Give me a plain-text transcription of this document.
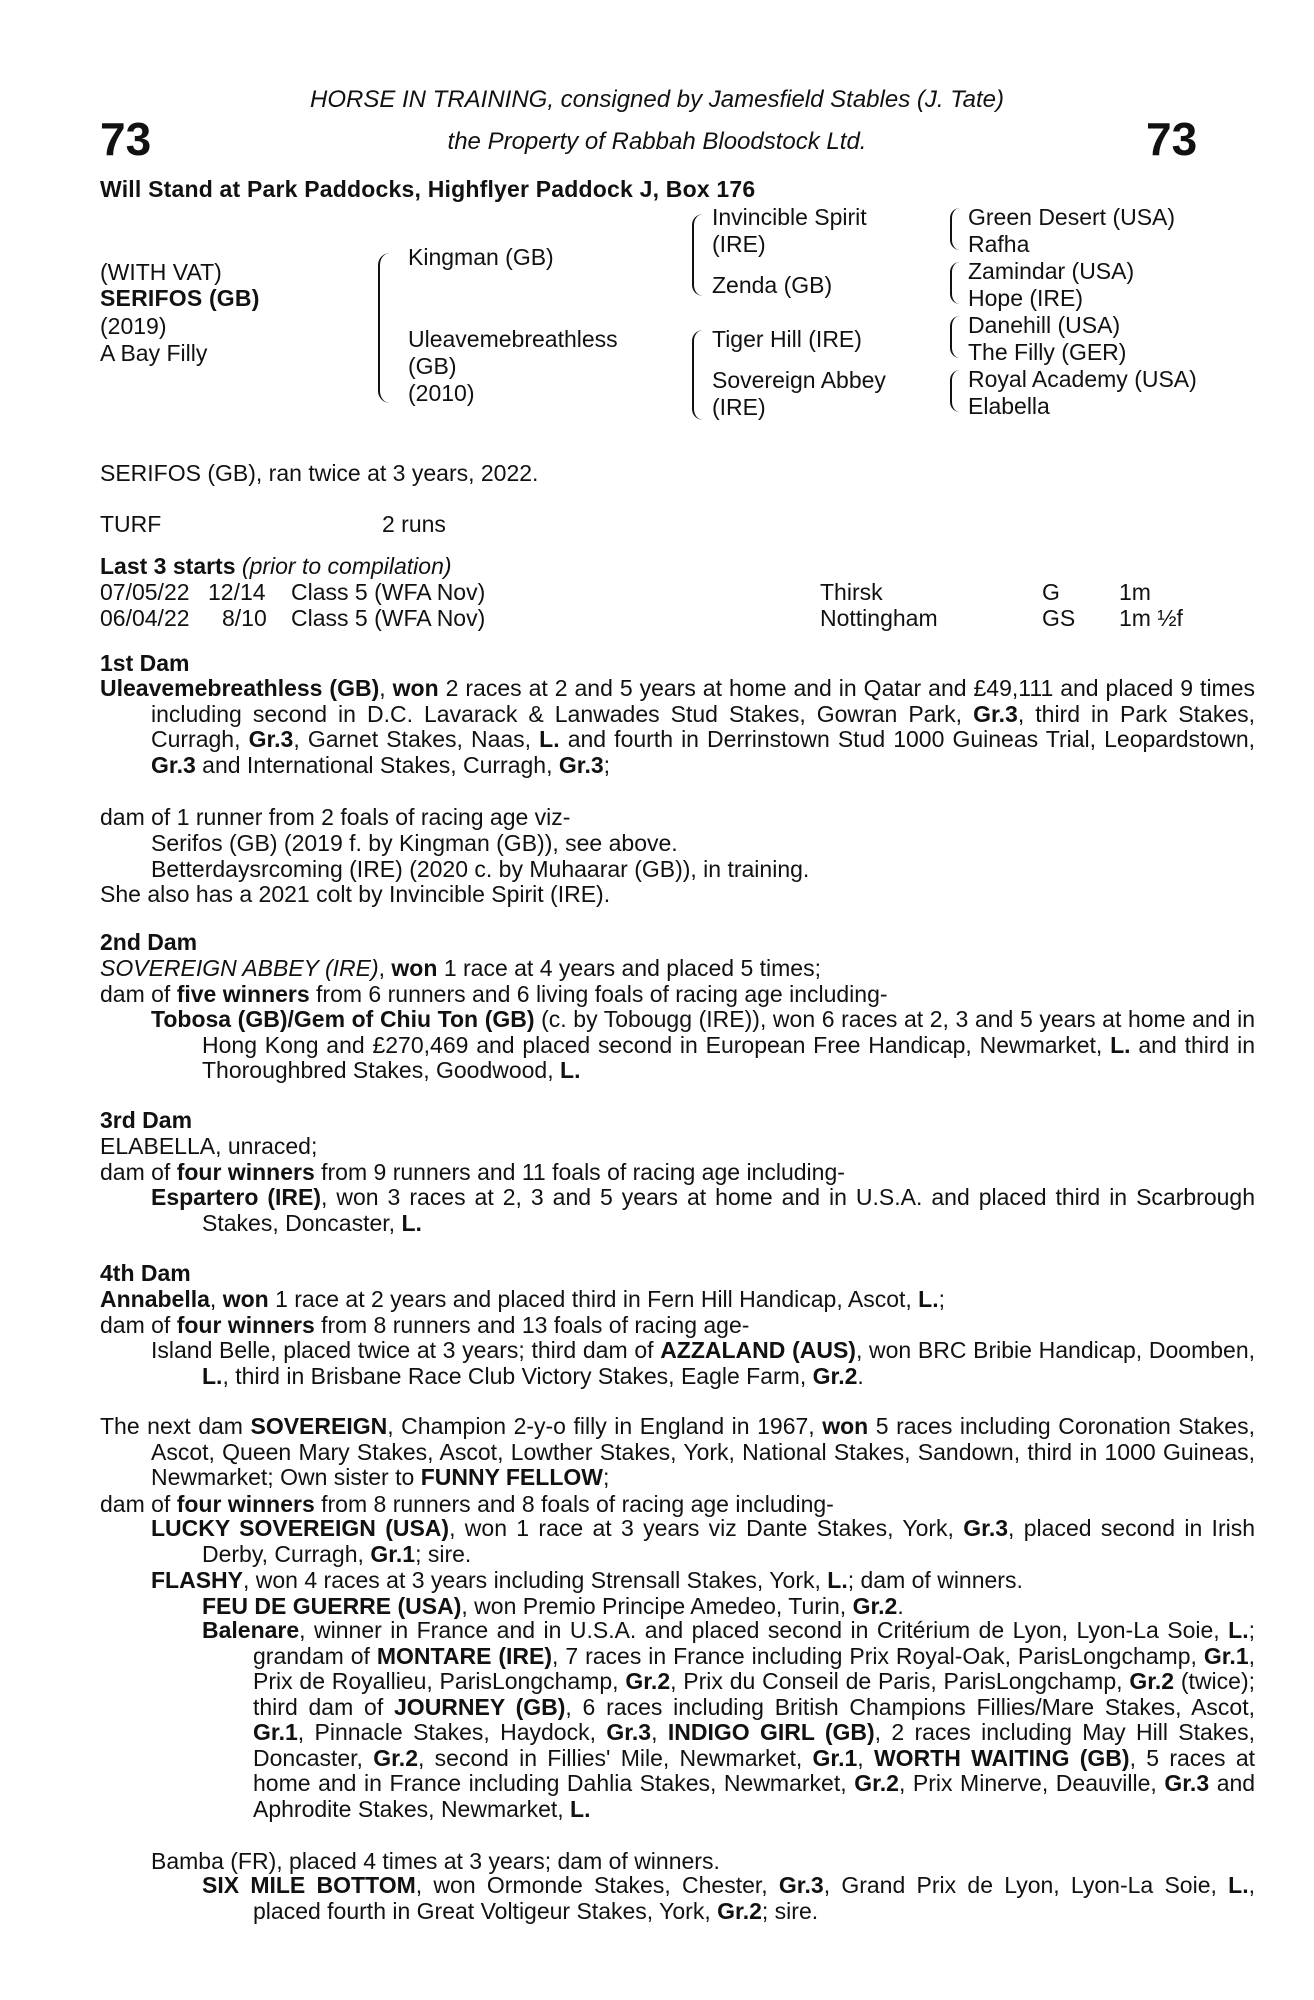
73	73
HORSE IN TRAINING, consigned by Jamesfield Stables (J. Tate)
the Property of Rabbah Bloodstock Ltd.
Will Stand at Park Paddocks, Highflyer Paddock J, Box 176
(WITH VAT)
SERIFOS (GB)
(2019)
A Bay Filly
Kingman (GB)
Uleavemebreathless
(GB)
(2010)
Invincible Spirit
(IRE)
Zenda (GB)
Tiger Hill (IRE)
Sovereign Abbey
(IRE)
Green Desert (USA)
Rafha
Zamindar (USA)
Hope (IRE)
Danehill (USA)
The Filly (GER)
Royal Academy (USA)
Elabella
SERIFOS (GB), ran twice at 3 years, 2022.
TURF	2 runs
Last 3 starts (prior to compilation)
07/05/22 12/14 Class 5 (WFA Nov)	Thirsk	G	1m
06/04/22 8/10 Class 5 (WFA Nov)	Nottingham	GS 1m ½f
1st Dam
Uleavemebreathless (GB), won 2 races at 2 and 5 years at home and in Qatar and £49,111 and placed 9 times including second in D.C. Lavarack & Lanwades Stud Stakes, Gowran Park, Gr.3, third in Park Stakes, Curragh, Gr.3, Garnet Stakes, Naas, L. and fourth in Derrinstown Stud 1000 Guineas Trial, Leopardstown, Gr.3 and International Stakes, Curragh, Gr.3;
dam of 1 runner from 2 foals of racing age viz-
Serifos (GB) (2019 f. by Kingman (GB)), see above.
Betterdaysrcoming (IRE) (2020 c. by Muhaarar (GB)), in training.
She also has a 2021 colt by Invincible Spirit (IRE).
2nd Dam
SOVEREIGN ABBEY (IRE), won 1 race at 4 years and placed 5 times;
dam of five winners from 6 runners and 6 living foals of racing age including-
Tobosa (GB)/Gem of Chiu Ton (GB) (c. by Tobougg (IRE)), won 6 races at 2, 3 and 5 years at home and in Hong Kong and £270,469 and placed second in European Free Handicap, Newmarket, L. and third in Thoroughbred Stakes, Goodwood, L.
3rd Dam
ELABELLA, unraced;
dam of four winners from 9 runners and 11 foals of racing age including-
Espartero (IRE), won 3 races at 2, 3 and 5 years at home and in U.S.A. and placed third in Scarbrough Stakes, Doncaster, L.
4th Dam
Annabella, won 1 race at 2 years and placed third in Fern Hill Handicap, Ascot, L.;
dam of four winners from 8 runners and 13 foals of racing age-
Island Belle, placed twice at 3 years; third dam of AZZALAND (AUS), won BRC Bribie Handicap, Doomben, L., third in Brisbane Race Club Victory Stakes, Eagle Farm, Gr.2.
The next dam SOVEREIGN, Champion 2-y-o filly in England in 1967, won 5 races including Coronation Stakes, Ascot, Queen Mary Stakes, Ascot, Lowther Stakes, York, National Stakes, Sandown, third in 1000 Guineas, Newmarket; Own sister to FUNNY FELLOW;
dam of four winners from 8 runners and 8 foals of racing age including-
LUCKY SOVEREIGN (USA), won 1 race at 3 years viz Dante Stakes, York, Gr.3, placed second in Irish Derby, Curragh, Gr.1; sire.
FLASHY, won 4 races at 3 years including Strensall Stakes, York, L.; dam of winners.
FEU DE GUERRE (USA), won Premio Principe Amedeo, Turin, Gr.2.
Balenare, winner in France and in U.S.A. and placed second in Critérium de Lyon, Lyon-La Soie, L.; grandam of MONTARE (IRE), 7 races in France including Prix Royal-Oak, ParisLongchamp, Gr.1, Prix de Royallieu, ParisLongchamp, Gr.2, Prix du Conseil de Paris, ParisLongchamp, Gr.2 (twice); third dam of JOURNEY (GB), 6 races including British Champions Fillies/Mare Stakes, Ascot, Gr.1, Pinnacle Stakes, Haydock, Gr.3, INDIGO GIRL (GB), 2 races including May Hill Stakes, Doncaster, Gr.2, second in Fillies' Mile, Newmarket, Gr.1, WORTH WAITING (GB), 5 races at home and in France including Dahlia Stakes, Newmarket, Gr.2, Prix Minerve, Deauville, Gr.3 and Aphrodite Stakes, Newmarket, L.
Bamba (FR), placed 4 times at 3 years; dam of winners.
SIX MILE BOTTOM, won Ormonde Stakes, Chester, Gr.3, Grand Prix de Lyon, Lyon-La Soie, L., placed fourth in Great Voltigeur Stakes, York, Gr.2; sire.
